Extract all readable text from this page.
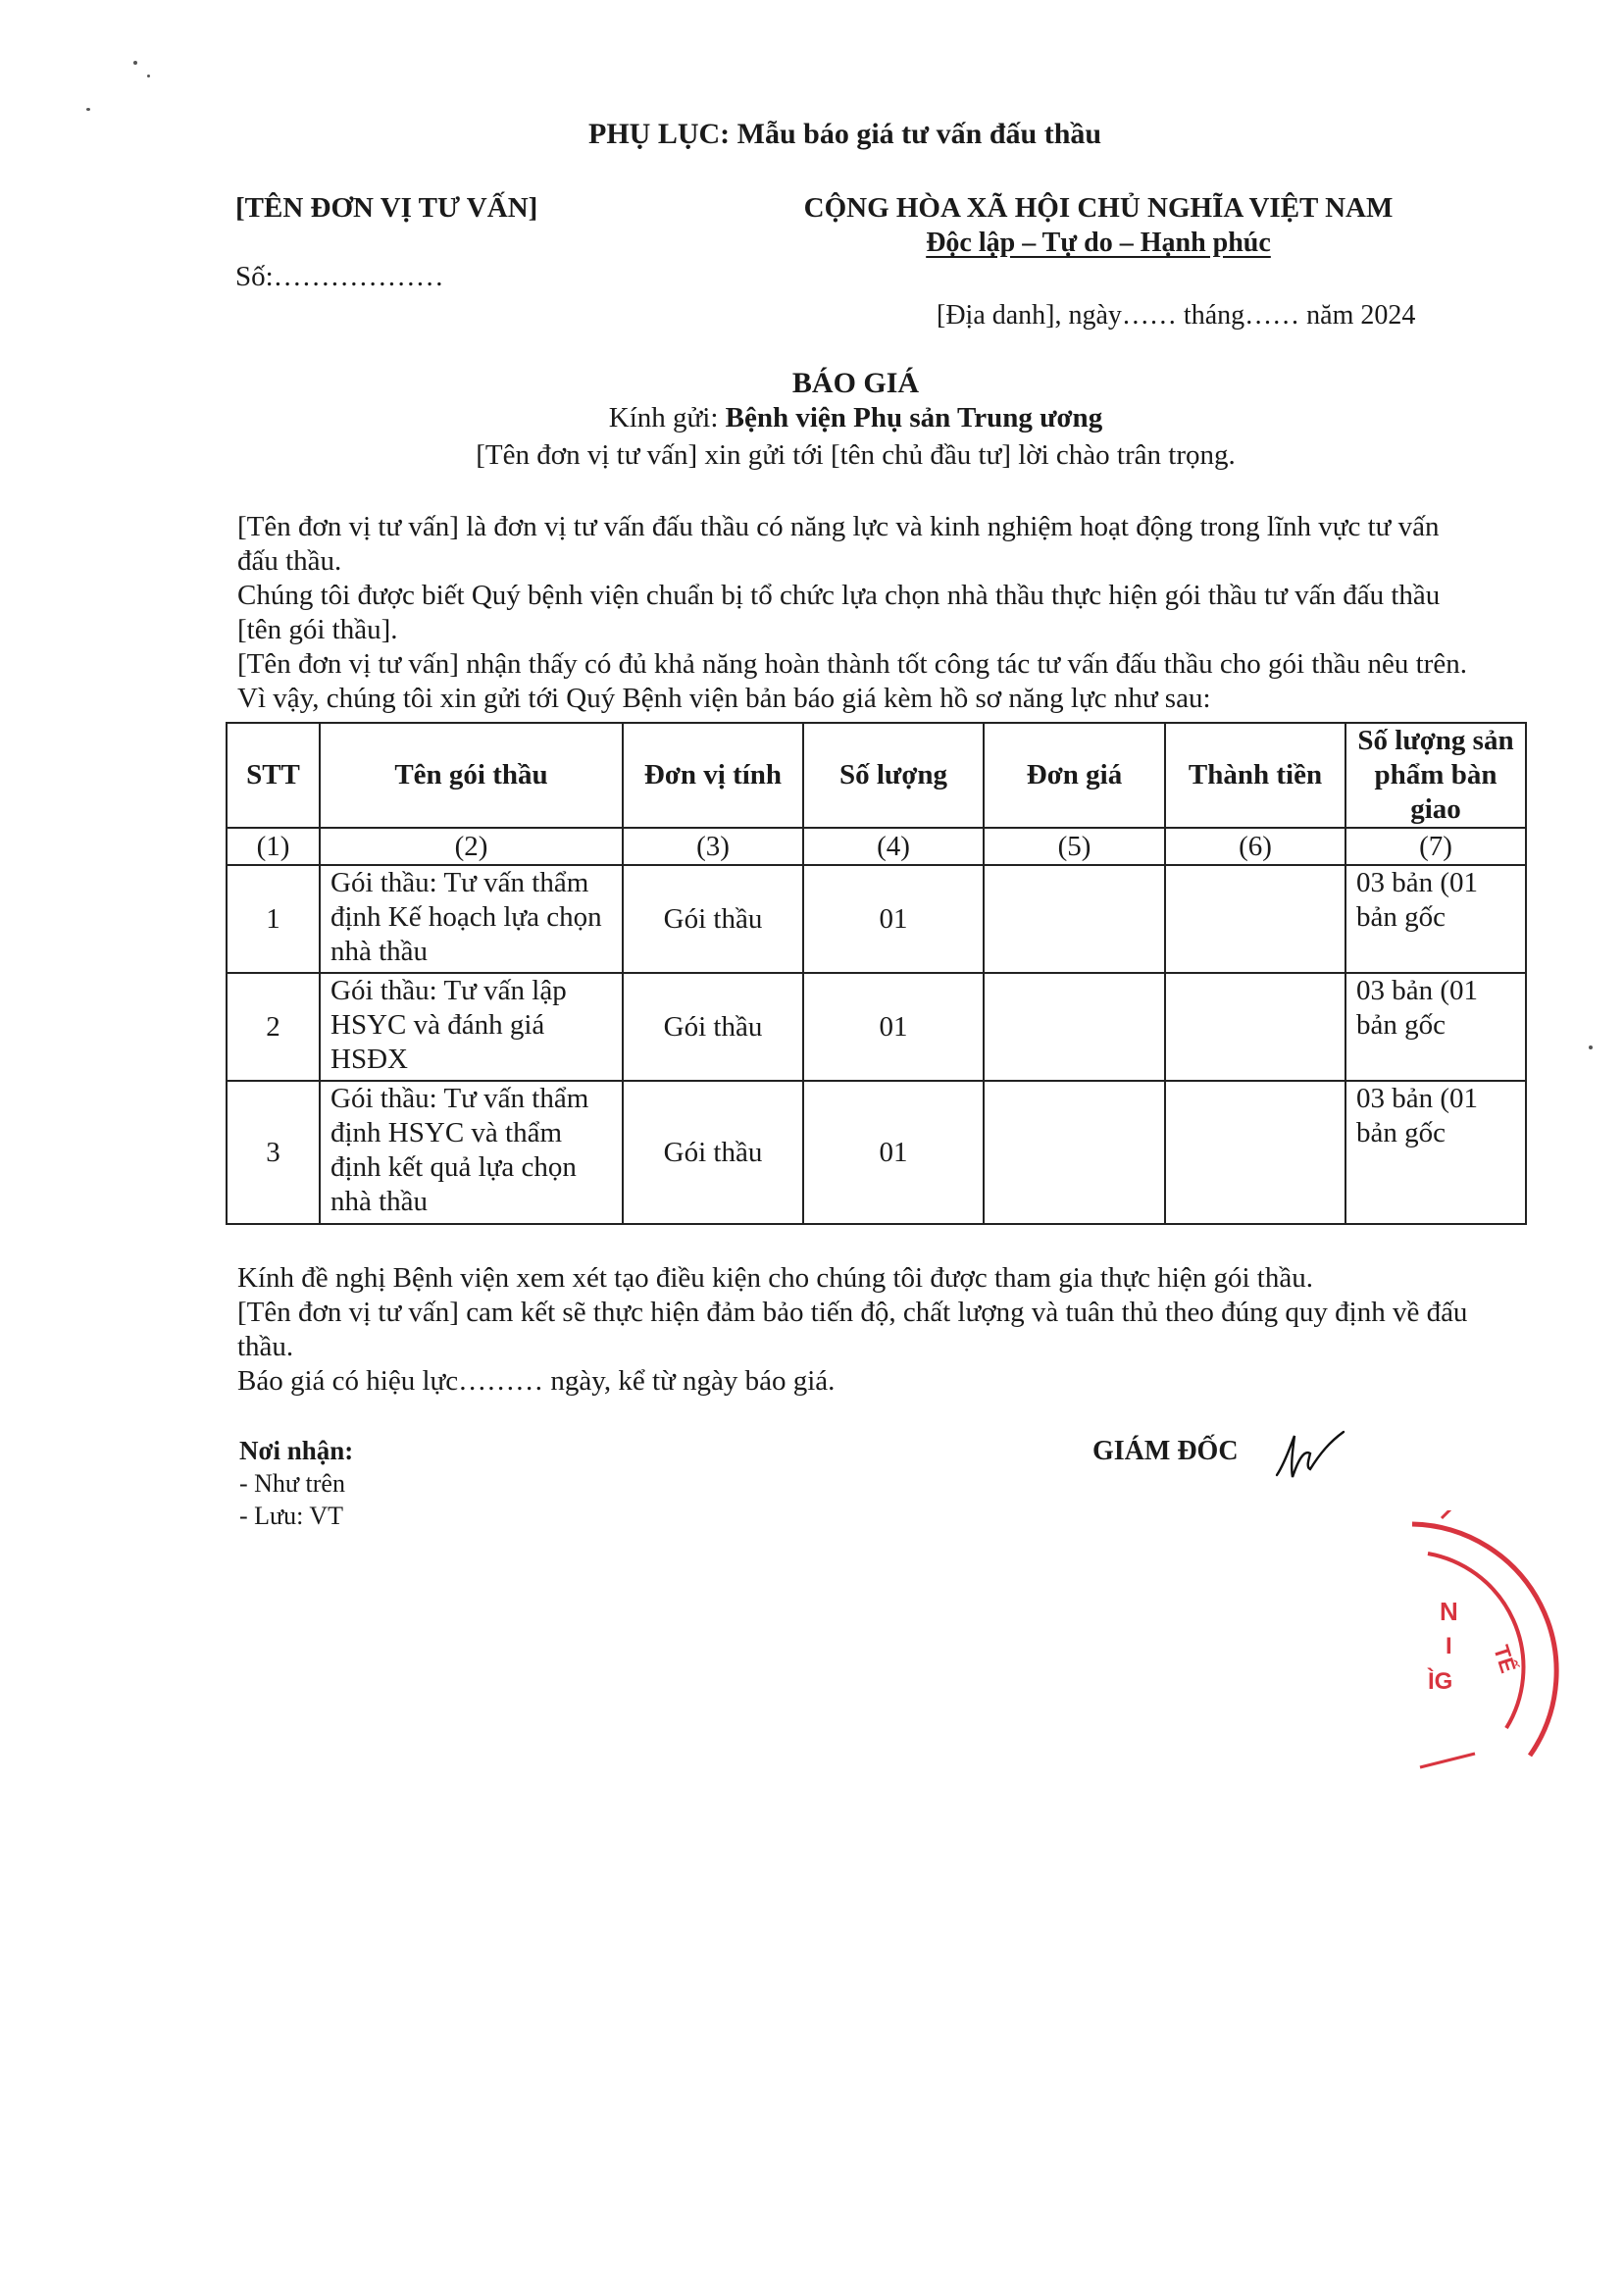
PHỤ LỤC: Mẫu báo giá tư vấn đấu thầu
[TÊN ĐƠN VỊ TƯ VẤN]
Số:………………
CỘNG HÒA XÃ HỘI CHỦ NGHĨA VIỆT NAM
Độc lập – Tự do – Hạnh phúc
[Địa danh], ngày…… tháng…… năm 2024
BÁO GIÁ
Kính gửi: Bệnh viện Phụ sản Trung ương
[Tên đơn vị tư vấn] xin gửi tới [tên chủ đầu tư] lời chào trân trọng.

[Tên đơn vị tư vấn] là đơn vị tư vấn đấu thầu có năng lực và kinh nghiệm hoạt động trong lĩnh vực tư vấn đấu thầu.

Chúng tôi được biết Quý bệnh viện chuẩn bị tổ chức lựa chọn nhà thầu thực hiện gói thầu tư vấn đấu thầu [tên gói thầu].

[Tên đơn vị tư vấn] nhận thấy có đủ khả năng hoàn thành tốt công tác tư vấn đấu thầu cho gói thầu nêu trên. Vì vậy, chúng tôi xin gửi tới Quý Bệnh viện bản báo giá kèm hồ sơ năng lực như sau:

STT	Tên gói thầu	Đơn vị tính	Số lượng	Đơn giá	Thành tiền	Số lượng sản phẩm bàn giao
(1)	(2)	(3)	(4)	(5)	(6)	(7)
1	Gói thầu: Tư vấn thẩm định Kế hoạch lựa chọn nhà thầu	Gói thầu	01			03 bản (01 bản gốc
2	Gói thầu: Tư vấn lập HSYC và đánh giá HSĐX	Gói thầu	01			03 bản (01 bản gốc
3	Gói thầu: Tư vấn thẩm định HSYC và thẩm định kết quả lựa chọn nhà thầu	Gói thầu	01			03 bản (01 bản gốc

Kính đề nghị Bệnh viện xem xét tạo điều kiện cho chúng tôi được tham gia thực hiện gói thầu.

[Tên đơn vị tư vấn] cam kết sẽ thực hiện đảm bảo tiến độ, chất lượng và tuân thủ theo đúng quy định về đấu thầu.

Báo giá có hiệu lực……… ngày, kể từ ngày báo giá.

Nơi nhận:
- Như trên
- Lưu: VT
GIÁM ĐỐC
N
I
ÌG
TẾ
